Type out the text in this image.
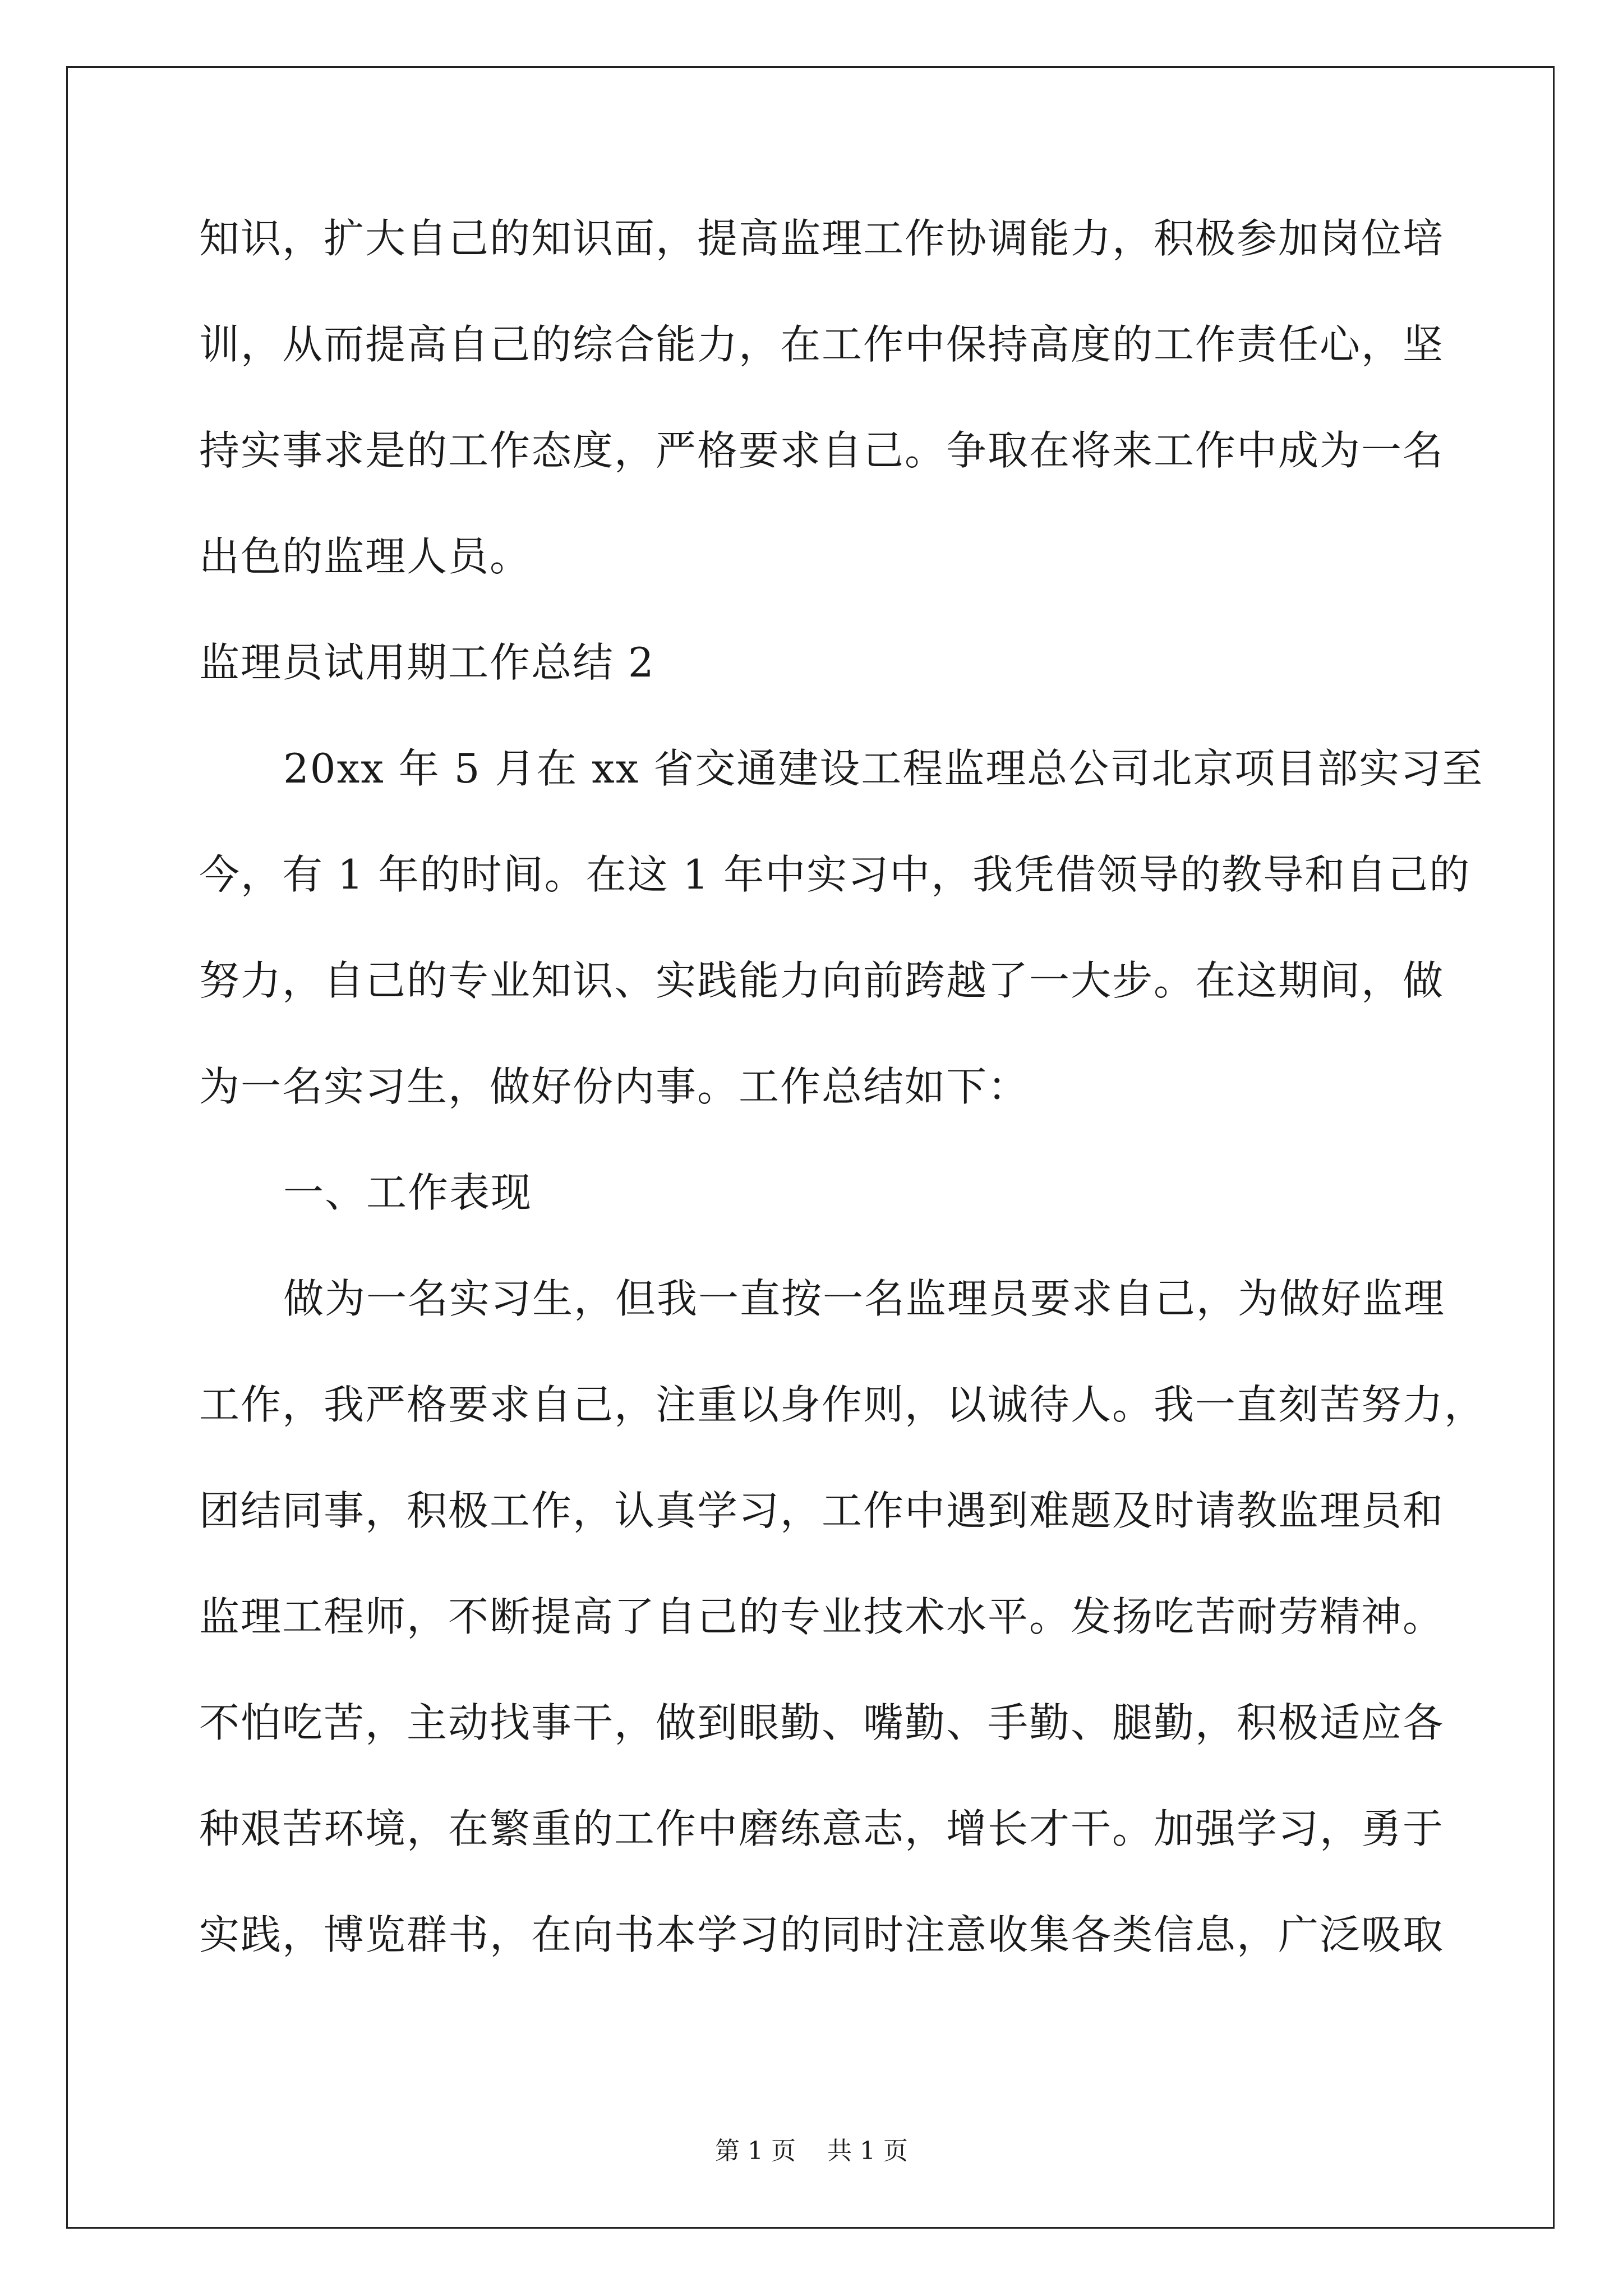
知识，扩大自己的知识面，提高监理工作协调能力，积极参加岗位培
训，从而提高自己的综合能力，在工作中保持高度的工作责任心，坚
持实事求是的工作态度，严格要求自己。争取在将来工作中成为一名
出色的监理人员。
监理员试用期工作总结 2
20xx 年 5 月在 xx 省交通建设工程监理总公司北京项目部实习至
今，有 1 年的时间。在这 1 年中实习中，我凭借领导的教导和自己的
努力，自己的专业知识、实践能力向前跨越了一大步。在这期间，做
为一名实习生，做好份内事。工作总结如下：
一、工作表现
做为一名实习生，但我一直按一名监理员要求自己，为做好监理
工作，我严格要求自己，注重以身作则，以诚待人。我一直刻苦努力，
团结同事，积极工作，认真学习，工作中遇到难题及时请教监理员和
监理工程师，不断提高了自己的专业技术水平。发扬吃苦耐劳精神。
不怕吃苦，主动找事干，做到眼勤、嘴勤、手勤、腿勤，积极适应各
种艰苦环境，在繁重的工作中磨练意志，增长才干。加强学习，勇于
实践，博览群书，在向书本学习的同时注意收集各类信息，广泛吸取
第 1 页    共 1 页
